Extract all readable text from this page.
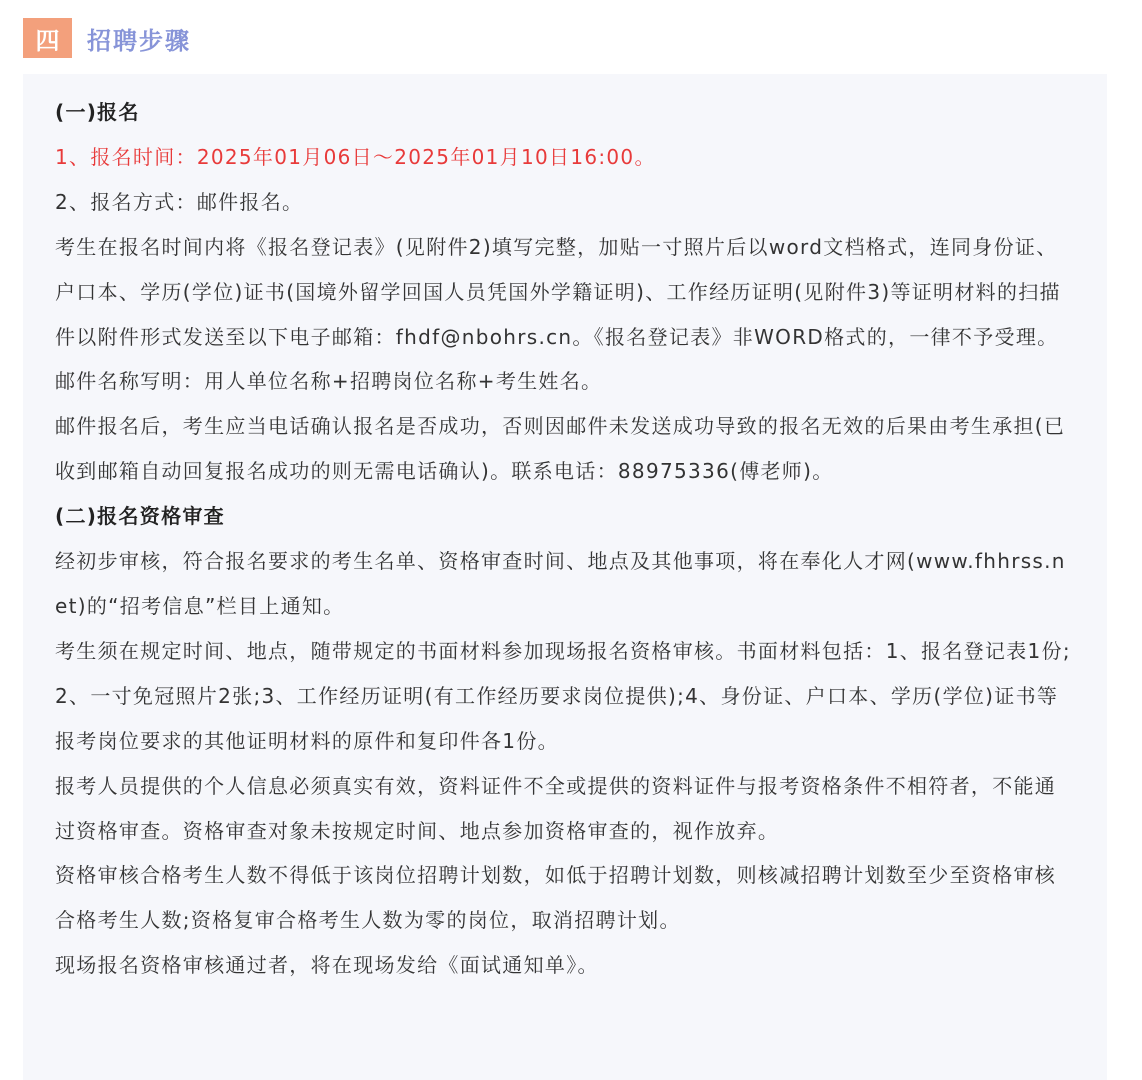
四	招聘步骤

(一)报名

1、报名时间：2025年01月06日～2025年01月10日16:00。

2、报名方式：邮件报名。

考生在报名时间内将《报名登记表》(见附件2)填写完整，加贴一寸照片后以word文档格式，连同身份证、户口本、学历(学位)证书(国境外留学回国人员凭国外学籍证明)、工作经历证明(见附件3)等证明材料的扫描件以附件形式发送至以下电子邮箱：fhdf@nbohrs.cn。《报名登记表》非WORD格式的，一律不予受理。

邮件名称写明：用人单位名称+招聘岗位名称+考生姓名。

邮件报名后，考生应当电话确认报名是否成功，否则因邮件未发送成功导致的报名无效的后果由考生承担(已收到邮箱自动回复报名成功的则无需电话确认)。联系电话：88975336(傅老师)。

(二)报名资格审查

经初步审核，符合报名要求的考生名单、资格审查时间、地点及其他事项，将在奉化人才网(www.fhhrss.net)的“招考信息”栏目上通知。

考生须在规定时间、地点，随带规定的书面材料参加现场报名资格审核。书面材料包括：1、报名登记表1份;2、一寸免冠照片2张;3、工作经历证明(有工作经历要求岗位提供);4、身份证、户口本、学历(学位)证书等报考岗位要求的其他证明材料的原件和复印件各1份。

报考人员提供的个人信息必须真实有效，资料证件不全或提供的资料证件与报考资格条件不相符者，不能通过资格审查。资格审查对象未按规定时间、地点参加资格审查的，视作放弃。

资格审核合格考生人数不得低于该岗位招聘计划数，如低于招聘计划数，则核减招聘计划数至少至资格审核合格考生人数;资格复审合格考生人数为零的岗位，取消招聘计划。

现场报名资格审核通过者，将在现场发给《面试通知单》。
